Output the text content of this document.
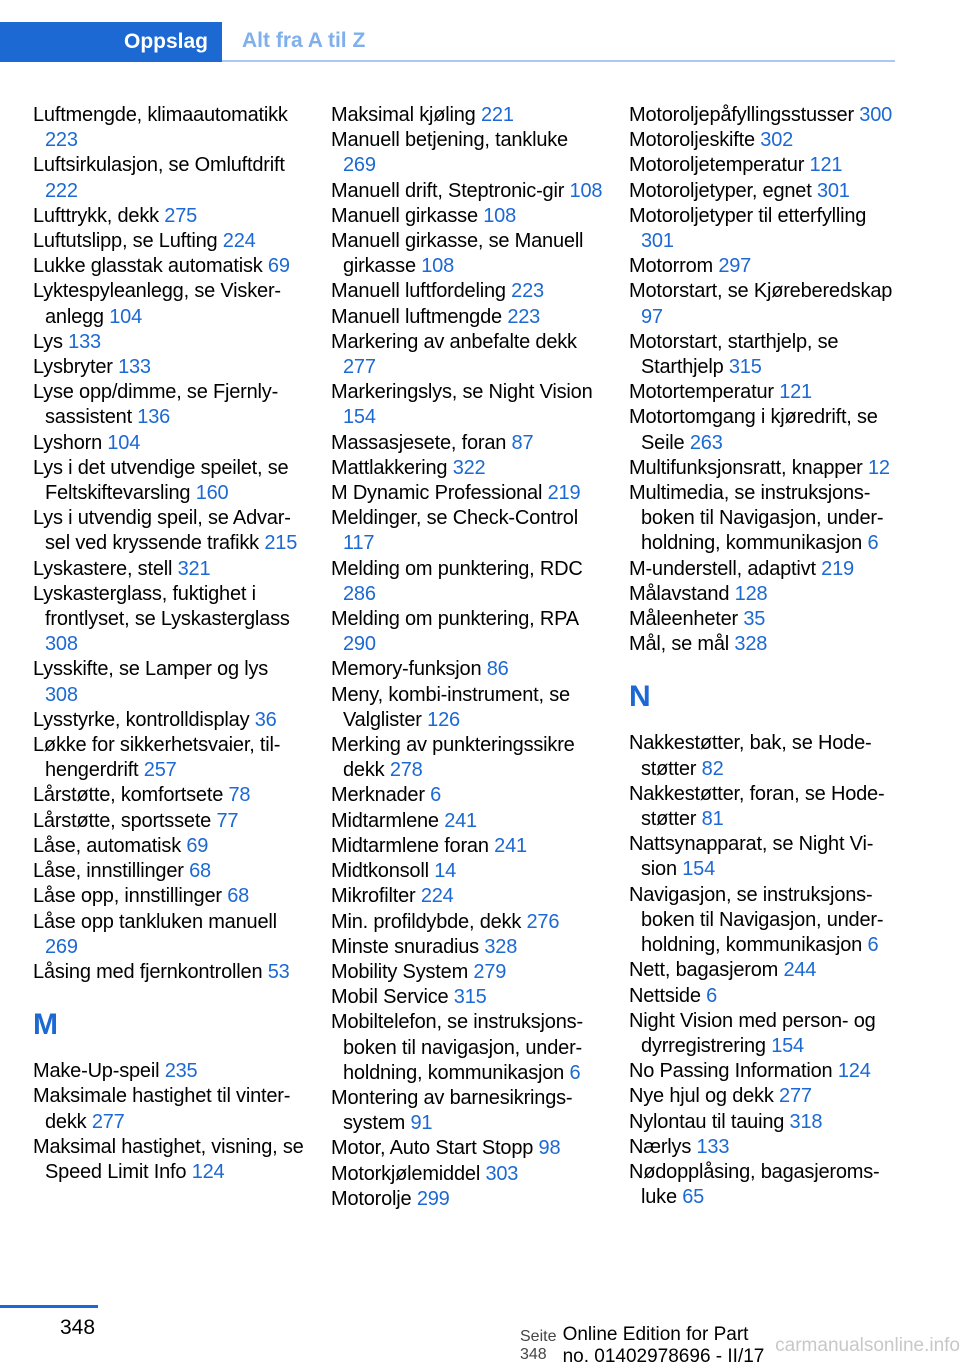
Oppslag	Alt fra A til Z
Luftmengde, klimaautomatikk 223
Luftsirkulasjon, se Omluftdrift 222
Lufttrykk, dekk 275
Luftutslipp, se Lufting 224
Lukke glasstak automatisk 69
Lyktespyleanlegg, se Viskeranlegg 104
Lys 133
Lysbryter 133
Lyse opp/dimme, se Fjernlysassistent 136
Lyshorn 104
Lys i det utvendige speilet, se Feltskiftevarsling 160
Lys i utvendig speil, se Advarsel ved kryssende trafikk 215
Lyskastere, stell 321
Lyskasterglass, fuktighet i frontlyset, se Lyskasterglass 308
Lysskifte, se Lamper og lys 308
Lysstyrke, kontrolldisplay 36
Løkke for sikkerhetsvaier, tilhengerdrift 257
Lårstøtte, komfortsete 78
Lårstøtte, sportssete 77
Låse, automatisk 69
Låse, innstillinger 68
Låse opp, innstillinger 68
Låse opp tankluken manuell 269
Låsing med fjernkontrollen 53
M
Make-Up-speil 235
Maksimale hastighet til vinterdekk 277
Maksimal hastighet, visning, se Speed Limit Info 124
Maksimal kjøling 221
Manuell betjening, tankluke 269
Manuell drift, Steptronic-gir 108
Manuell girkasse 108
Manuell girkasse, se Manuell girkasse 108
Manuell luftfordeling 223
Manuell luftmengde 223
Markering av anbefalte dekk 277
Markeringslys, se Night Vision 154
Massasjesete, foran 87
Mattlakkering 322
M Dynamic Professional 219
Meldinger, se Check-Control 117
Melding om punktering, RDC 286
Melding om punktering, RPA 290
Memory-funksjon 86
Meny, kombi-instrument, se Valglister 126
Merking av punkteringssikre dekk 278
Merknader 6
Midtarmlene 241
Midtarmlene foran 241
Midtkonsoll 14
Mikrofilter 224
Min. profildybde, dekk 276
Minste snuradius 328
Mobility System 279
Mobil Service 315
Mobiltelefon, se instruksjonsboken til navigasjon, underholdning, kommunikasjon 6
Montering av barnesikringssystem 91
Motor, Auto Start Stopp 98
Motorkjølemiddel 303
Motorolje 299
Motoroljepåfyllingsstusser 300
Motoroljeskifte 302
Motoroljetemperatur 121
Motoroljetyper, egnet 301
Motoroljetyper til etterfylling 301
Motorrom 297
Motorstart, se Kjøreberedskap 97
Motorstart, starthjelp, se Starthjelp 315
Motortemperatur 121
Motortomgang i kjøredrift, se Seile 263
Multifunksjonsratt, knapper 12
Multimedia, se instruksjonsboken til Navigasjon, underholdning, kommunikasjon 6
M-understell, adaptivt 219
Målavstand 128
Måleenheter 35
Mål, se mål 328
N
Nakkestøtter, bak, se Hodestøtter 82
Nakkestøtter, foran, se Hodestøtter 81
Nattsynapparat, se Night Vision 154
Navigasjon, se instruksjonsboken til Navigasjon, underholdning, kommunikasjon 6
Nett, bagasjerom 244
Nettside 6
Night Vision med person- og dyrregistrering 154
No Passing Information 124
Nye hjul og dekk 277
Nylontau til tauing 318
Nærlys 133
Nødopplåsing, bagasjeromsluke 65
348	Seite 348
Online Edition for Part no. 01402978696 - II/17
carmanualsonline.info
